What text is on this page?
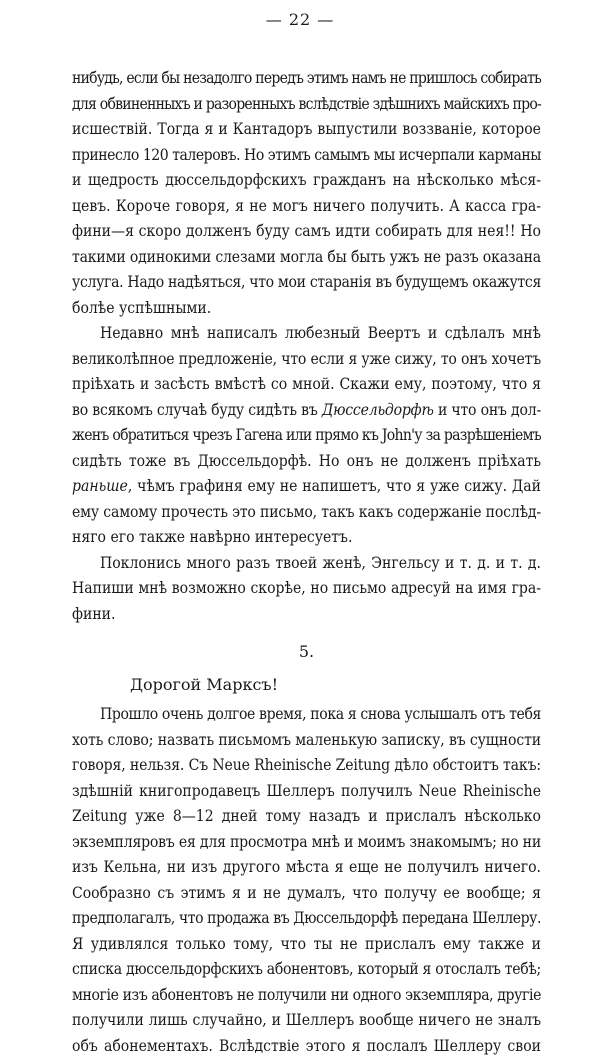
— 22 —
нибудь, если бы незадолго передъ этимъ намъ не пришлось собирать
для обвиненныхъ и разоренныхъ вслѣдствіе здѣшнихъ майскихъ про-
исшествій. Тогда я и Кантадоръ выпустили воззваніе, которое
принесло 120 талеровъ. Но этимъ самымъ мы исчерпали карманы
и щедрость дюссельдорфскихъ гражданъ на нѣсколько мѣся-
цевъ. Короче говоря, я не могъ ничего получить. А касса гра-
фини—я скоро долженъ буду самъ идти собирать для нея!! Но
такими одинокими слезами могла бы быть ужъ не разъ оказана
услуга. Надо надѣяться, что мои старанія въ будущемъ окажутся
болѣе успѣшными.
Недавно мнѣ написалъ любезный Веертъ и сдѣлалъ мнѣ
великолѣпное предложеніе, что если я уже сижу, то онъ хочетъ
пріѣхать и засѣсть вмѣстѣ со мной. Скажи ему, поэтому, что я
во всякомъ случаѣ буду сидѣть въ Дюссельдорфѣ и что онъ дол-
женъ обратиться чрезъ Гагена или прямо къ John'у за разрѣшеніемъ
сидѣть тоже въ Дюссельдорфѣ. Но онъ не долженъ пріѣхать
раньше, чѣмъ графиня ему не напишетъ, что я уже сижу. Дай
ему самому прочесть это письмо, такъ какъ содержаніе послѣд-
няго его также навѣрно интересуетъ.
Поклонись много разъ твоей женѣ, Энгельсу и т. д. и т. д.
Напиши мнѣ возможно скорѣе, но письмо адресуй на имя гра-
фини.
5.
Дорогой Марксъ!
Прошло очень долгое время, пока я снова услышалъ отъ тебя
хоть слово; назвать письмомъ маленькую записку, въ сущности
говоря, нельзя. Съ Neue Rheinische Zeitung дѣло обстоитъ такъ:
здѣшній книгопродавецъ Шеллеръ получилъ Neue Rheinische
Zeitung уже 8—12 дней тому назадъ и прислалъ нѣсколько
экземпляровъ ея для просмотра мнѣ и моимъ знакомымъ; но ни
изъ Кельна, ни изъ другого мѣста я еще не получилъ ничего.
Сообразно съ этимъ я и не думалъ, что получу ее вообще; я
предполагалъ, что продажа въ Дюссельдорфѣ передана Шеллеру.
Я удивлялся только тому, что ты не прислалъ ему также и
списка дюссельдорфскихъ абонентовъ, который я отослалъ тебѣ;
многіе изъ абонентовъ не получили ни одного экземпляра, другіе
получили лишь случайно, и Шеллеръ вообще ничего не зналъ
объ абонементахъ. Вслѣдствіе этого я послалъ Шеллеру свои
